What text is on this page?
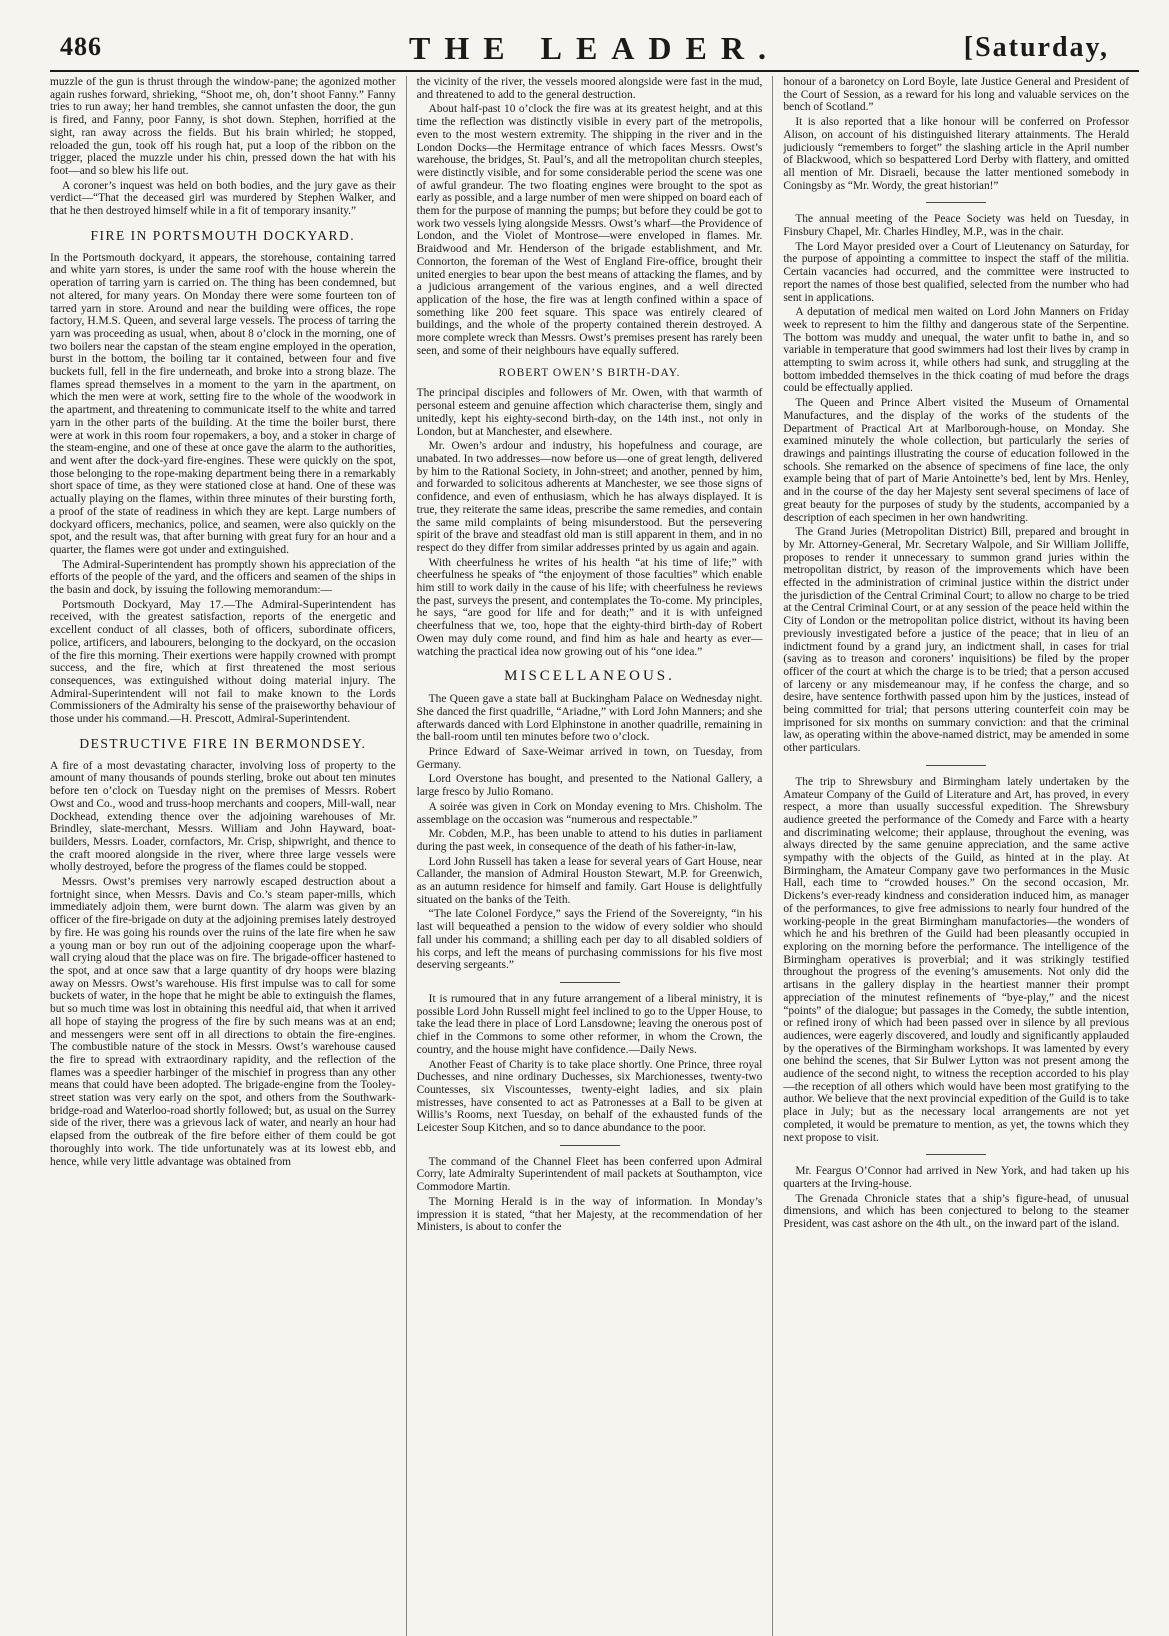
486	THE LEADER.	[Saturday,

muzzle of the gun is thrust through the window-pane; the agonized mother again rushes forward, shrieking, “Shoot me, oh, don’t shoot Fanny.” Fanny tries to run away; her hand trembles, she cannot unfasten the door, the gun is fired, and Fanny, poor Fanny, is shot down. Stephen, horrified at the sight, ran away across the fields. But his brain whirled; he stopped, reloaded the gun, took off his rough hat, put a loop of the ribbon on the trigger, placed the muzzle under his chin, pressed down the hat with his foot—and so blew his life out.

A coroner’s inquest was held on both bodies, and the jury gave as their verdict—“That the deceased girl was murdered by Stephen Walker, and that he then destroyed himself while in a fit of temporary insanity.”

FIRE IN PORTSMOUTH DOCKYARD.

In the Portsmouth dockyard, it appears, the storehouse, containing tarred and white yarn stores, is under the same roof with the house wherein the operation of tarring yarn is carried on. The thing has been condemned, but not altered, for many years. On Monday there were some fourteen ton of tarred yarn in store. Around and near the building were offices, the rope factory, H.M.S. Queen, and several large vessels. The process of tarring the yarn was proceeding as usual, when, about 8 o’clock in the morning, one of two boilers near the capstan of the steam engine employed in the operation, burst in the bottom, the boiling tar it contained, between four and five buckets full, fell in the fire underneath, and broke into a strong blaze. The flames spread themselves in a moment to the yarn in the apartment, on which the men were at work, setting fire to the whole of the woodwork in the apartment, and threatening to communicate itself to the white and tarred yarn in the other parts of the building. At the time the boiler burst, there were at work in this room four ropemakers, a boy, and a stoker in charge of the steam-engine, and one of these at once gave the alarm to the authorities, and went after the dock-yard fire-engines. These were quickly on the spot, those belonging to the rope-making department being there in a remarkably short space of time, as they were stationed close at hand. One of these was actually playing on the flames, within three minutes of their bursting forth, a proof of the state of readiness in which they are kept. Large numbers of dockyard officers, mechanics, police, and seamen, were also quickly on the spot, and the result was, that after burning with great fury for an hour and a quarter, the flames were got under and extinguished.

The Admiral-Superintendent has promptly shown his appreciation of the efforts of the people of the yard, and the officers and seamen of the ships in the basin and dock, by issuing the following memorandum:—

Portsmouth Dockyard, May 17.—The Admiral-Superintendent has received, with the greatest satisfaction, reports of the energetic and excellent conduct of all classes, both of officers, subordinate officers, police, artificers, and labourers, belonging to the dockyard, on the occasion of the fire this morning. Their exertions were happily crowned with prompt success, and the fire, which at first threatened the most serious consequences, was extinguished without doing material injury. The Admiral-Superintendent will not fail to make known to the Lords Commissioners of the Admiralty his sense of the praiseworthy behaviour of those under his command.—H. Prescott, Admiral-Superintendent.

DESTRUCTIVE FIRE IN BERMONDSEY.

A fire of a most devastating character, involving loss of property to the amount of many thousands of pounds sterling, broke out about ten minutes before ten o’clock on Tuesday night on the premises of Messrs. Robert Owst and Co., wood and truss-hoop merchants and coopers, Mill-wall, near Dockhead, extending thence over the adjoining warehouses of Mr. Brindley, slate-merchant, Messrs. William and John Hayward, boat-builders, Messrs. Loader, cornfactors, Mr. Crisp, shipwright, and thence to the craft moored alongside in the river, where three large vessels were wholly destroyed, before the progress of the flames could be stopped.

Messrs. Owst’s premises very narrowly escaped destruction about a fortnight since, when Messrs. Davis and Co.’s steam paper-mills, which immediately adjoin them, were burnt down. The alarm was given by an officer of the fire-brigade on duty at the adjoining premises lately destroyed by fire. He was going his rounds over the ruins of the late fire when he saw a young man or boy run out of the adjoining cooperage upon the wharf-wall crying aloud that the place was on fire. The brigade-officer hastened to the spot, and at once saw that a large quantity of dry hoops were blazing away on Messrs. Owst’s warehouse. His first impulse was to call for some buckets of water, in the hope that he might be able to extinguish the flames, but so much time was lost in obtaining this needful aid, that when it arrived all hope of staying the progress of the fire by such means was at an end; and messengers were sent off in all directions to obtain the fire-engines. The combustible nature of the stock in Messrs. Owst’s warehouse caused the fire to spread with extraordinary rapidity, and the reflection of the flames was a speedier harbinger of the mischief in progress than any other means that could have been adopted. The brigade-engine from the Tooley-street station was very early on the spot, and others from the Southwark-bridge-road and Waterloo-road shortly followed; but, as usual on the Surrey side of the river, there was a grievous lack of water, and nearly an hour had elapsed from the outbreak of the fire before either of them could be got thoroughly into work. The tide unfortunately was at its lowest ebb, and hence, while very little advantage was obtained from

the vicinity of the river, the vessels moored alongside were fast in the mud, and threatened to add to the general destruction.

About half-past 10 o’clock the fire was at its greatest height, and at this time the reflection was distinctly visible in every part of the metropolis, even to the most western extremity. The shipping in the river and in the London Docks—the Hermitage entrance of which faces Messrs. Owst’s warehouse, the bridges, St. Paul’s, and all the metropolitan church steeples, were distinctly visible, and for some considerable period the scene was one of awful grandeur. The two floating engines were brought to the spot as early as possible, and a large number of men were shipped on board each of them for the purpose of manning the pumps; but before they could be got to work two vessels lying alongside Messrs. Owst’s wharf—the Providence of London, and the Violet of Montrose—were enveloped in flames. Mr. Braidwood and Mr. Henderson of the brigade establishment, and Mr. Connorton, the foreman of the West of England Fire-office, brought their united energies to bear upon the best means of attacking the flames, and by a judicious arrangement of the various engines, and a well directed application of the hose, the fire was at length confined within a space of something like 200 feet square. This space was entirely cleared of buildings, and the whole of the property contained therein destroyed. A more complete wreck than Messrs. Owst’s premises present has rarely been seen, and some of their neighbours have equally suffered.

ROBERT OWEN’S BIRTH-DAY.

The principal disciples and followers of Mr. Owen, with that warmth of personal esteem and genuine affection which characterise them, singly and unitedly, kept his eighty-second birth-day, on the 14th inst., not only in London, but at Manchester, and elsewhere.

Mr. Owen’s ardour and industry, his hopefulness and courage, are unabated. In two addresses—now before us—one of great length, delivered by him to the Rational Society, in John-street; and another, penned by him, and forwarded to solicitous adherents at Manchester, we see those signs of confidence, and even of enthusiasm, which he has always displayed. It is true, they reiterate the same ideas, prescribe the same remedies, and contain the same mild complaints of being misunderstood. But the persevering spirit of the brave and steadfast old man is still apparent in them, and in no respect do they differ from similar addresses printed by us again and again.

With cheerfulness he writes of his health “at his time of life;” with cheerfulness he speaks of “the enjoyment of those faculties” which enable him still to work daily in the cause of his life; with cheerfulness he reviews the past, surveys the present, and contemplates the To-come. My principles, he says, “are good for life and for death;” and it is with unfeigned cheerfulness that we, too, hope that the eighty-third birth-day of Robert Owen may duly come round, and find him as hale and hearty as ever—watching the practical idea now growing out of his “one idea.”

MISCELLANEOUS.

The Queen gave a state ball at Buckingham Palace on Wednesday night. She danced the first quadrille, “Ariadne,” with Lord John Manners; and she afterwards danced with Lord Elphinstone in another quadrille, remaining in the ball-room until ten minutes before two o’clock.

Prince Edward of Saxe-Weimar arrived in town, on Tuesday, from Germany.

Lord Overstone has bought, and presented to the National Gallery, a large fresco by Julio Romano.

A soirée was given in Cork on Monday evening to Mrs. Chisholm. The assemblage on the occasion was “numerous and respectable.”

Mr. Cobden, M.P., has been unable to attend to his duties in parliament during the past week, in consequence of the death of his father-in-law,

Lord John Russell has taken a lease for several years of Gart House, near Callander, the mansion of Admiral Houston Stewart, M.P. for Greenwich, as an autumn residence for himself and family. Gart House is delightfully situated on the banks of the Teith.

“The late Colonel Fordyce,” says the Friend of the Sovereignty, “in his last will bequeathed a pension to the widow of every soldier who should fall under his command; a shilling each per day to all disabled soldiers of his corps, and left the means of purchasing commissions for his five most deserving sergeants.”

It is rumoured that in any future arrangement of a liberal ministry, it is possible Lord John Russell might feel inclined to go to the Upper House, to take the lead there in place of Lord Lansdowne; leaving the onerous post of chief in the Commons to some other reformer, in whom the Crown, the country, and the house might have confidence.—Daily News.

Another Feast of Charity is to take place shortly. One Prince, three royal Duchesses, and nine ordinary Duchesses, six Marchionesses, twenty-two Countesses, six Viscountesses, twenty-eight ladies, and six plain mistresses, have consented to act as Patronesses at a Ball to be given at Willis’s Rooms, next Tuesday, on behalf of the exhausted funds of the Leicester Soup Kitchen, and so to dance abundance to the poor.

The command of the Channel Fleet has been conferred upon Admiral Corry, late Admiralty Superintendent of mail packets at Southampton, vice Commodore Martin.

The Morning Herald is in the way of information. In Monday’s impression it is stated, “that her Majesty, at the recommendation of her Ministers, is about to confer the

honour of a baronetcy on Lord Boyle, late Justice General and President of the Court of Session, as a reward for his long and valuable services on the bench of Scotland.”

It is also reported that a like honour will be conferred on Professor Alison, on account of his distinguished literary attainments. The Herald judiciously “remembers to forget” the slashing article in the April number of Blackwood, which so bespattered Lord Derby with flattery, and omitted all mention of Mr. Disraeli, because the latter mentioned somebody in Coningsby as “Mr. Wordy, the great historian!”

The annual meeting of the Peace Society was held on Tuesday, in Finsbury Chapel, Mr. Charles Hindley, M.P., was in the chair.

The Lord Mayor presided over a Court of Lieutenancy on Saturday, for the purpose of appointing a committee to inspect the staff of the militia. Certain vacancies had occurred, and the committee were instructed to report the names of those best qualified, selected from the number who had sent in applications.

A deputation of medical men waited on Lord John Manners on Friday week to represent to him the filthy and dangerous state of the Serpentine. The bottom was muddy and unequal, the water unfit to bathe in, and so variable in temperature that good swimmers had lost their lives by cramp in attempting to swim across it, while others had sunk, and struggling at the bottom imbedded themselves in the thick coating of mud before the drags could be effectually applied.

The Queen and Prince Albert visited the Museum of Ornamental Manufactures, and the display of the works of the students of the Department of Practical Art at Marlborough-house, on Monday. She examined minutely the whole collection, but particularly the series of drawings and paintings illustrating the course of education followed in the schools. She remarked on the absence of specimens of fine lace, the only example being that of part of Marie Antoinette’s bed, lent by Mrs. Henley, and in the course of the day her Majesty sent several specimens of lace of great beauty for the purposes of study by the students, accompanied by a description of each specimen in her own handwriting.

The Grand Juries (Metropolitan District) Bill, prepared and brought in by Mr. Attorney-General, Mr. Secretary Walpole, and Sir William Jolliffe, proposes to render it unnecessary to summon grand juries within the metropolitan district, by reason of the improvements which have been effected in the administration of criminal justice within the district under the jurisdiction of the Central Criminal Court; to allow no charge to be tried at the Central Criminal Court, or at any session of the peace held within the City of London or the metropolitan police district, without its having been previously investigated before a justice of the peace; that in lieu of an indictment found by a grand jury, an indictment shall, in cases for trial (saving as to treason and coroners’ inquisitions) be filed by the proper officer of the court at which the charge is to be tried; that a person accused of larceny or any misdemeanour may, if he confess the charge, and so desire, have sentence forthwith passed upon him by the justices, instead of being committed for trial; that persons uttering counterfeit coin may be imprisoned for six months on summary conviction: and that the criminal law, as operating within the above-named district, may be amended in some other particulars.

The trip to Shrewsbury and Birmingham lately undertaken by the Amateur Company of the Guild of Literature and Art, has proved, in every respect, a more than usually successful expedition. The Shrewsbury audience greeted the performance of the Comedy and Farce with a hearty and discriminating welcome; their applause, throughout the evening, was always directed by the same genuine appreciation, and the same active sympathy with the objects of the Guild, as hinted at in the play. At Birmingham, the Amateur Company gave two performances in the Music Hall, each time to “crowded houses.” On the second occasion, Mr. Dickens’s ever-ready kindness and consideration induced him, as manager of the performances, to give free admissions to nearly four hundred of the working-people in the great Birmingham manufactories—the wonders of which he and his brethren of the Guild had been pleasantly occupied in exploring on the morning before the performance. The intelligence of the Birmingham operatives is proverbial; and it was strikingly testified throughout the progress of the evening’s amusements. Not only did the artisans in the gallery display in the heartiest manner their prompt appreciation of the minutest refinements of “bye-play,” and the nicest “points” of the dialogue; but passages in the Comedy, the subtle intention, or refined irony of which had been passed over in silence by all previous audiences, were eagerly discovered, and loudly and significantly applauded by the operatives of the Birmingham workshops. It was lamented by every one behind the scenes, that Sir Bulwer Lytton was not present among the audience of the second night, to witness the reception accorded to his play—the reception of all others which would have been most gratifying to the author. We believe that the next provincial expedition of the Guild is to take place in July; but as the necessary local arrangements are not yet completed, it would be premature to mention, as yet, the towns which they next propose to visit.

Mr. Feargus O’Connor had arrived in New York, and had taken up his quarters at the Irving-house.

The Grenada Chronicle states that a ship’s figure-head, of unusual dimensions, and which has been conjectured to belong to the steamer President, was cast ashore on the 4th ult., on the inward part of the island.
